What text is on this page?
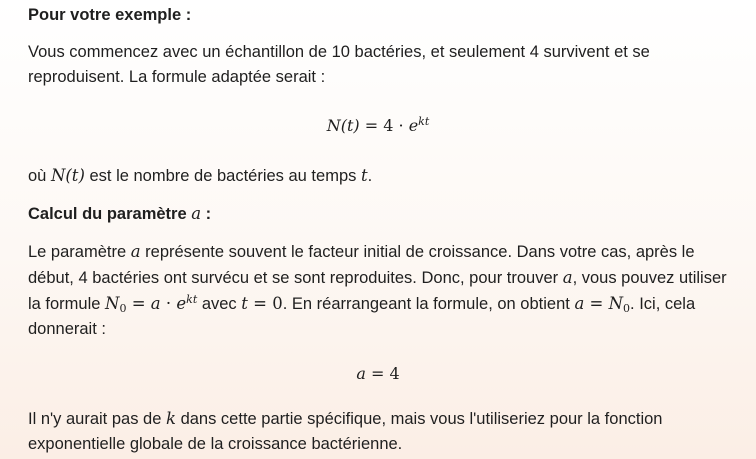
Pour votre exemple :
Vous commencez avec un échantillon de 10 bactéries, et seulement 4 survivent et se reproduisent. La formule adaptée serait :
$N(t) = 4 \cdot e^{kt}$
où N(t) est le nombre de bactéries au temps t.
Calcul du paramètre a :
Le paramètre a représente souvent le facteur initial de croissance. Dans votre cas, après le début, 4 bactéries ont survécu et se sont reproduites. Donc, pour trouver a, vous pouvez utiliser la formule $N_0 = a \cdot e^{kt}$ avec t = 0. En réarrangeant la formule, on obtient $a = N_0$. Ici, cela donnerait :
a = 4
Il n'y aurait pas de k dans cette partie spécifique, mais vous l'utiliseriez pour la fonction exponentielle globale de la croissance bactérienne.
